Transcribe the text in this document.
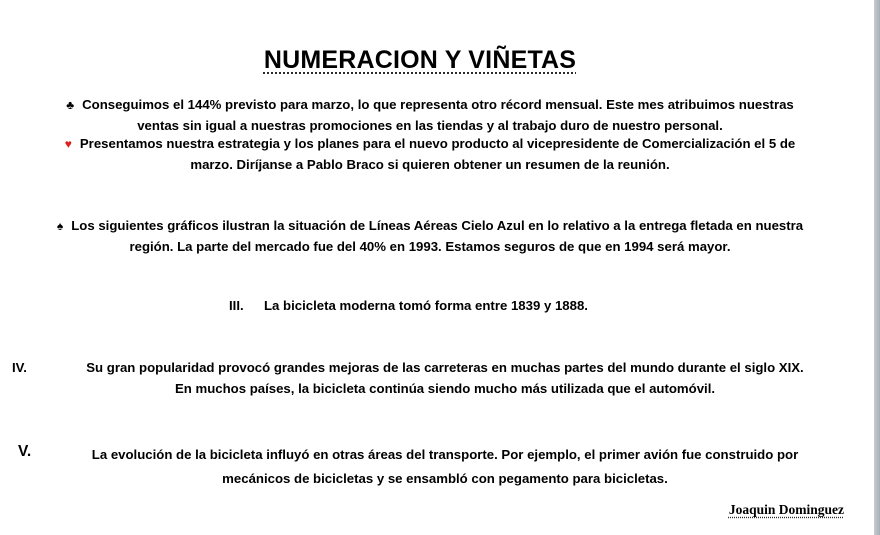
NUMERACION Y VIÑETAS
♣ Conseguimos el 144% previsto para marzo, lo que representa otro récord mensual. Este mes atribuimos nuestras
ventas sin igual a nuestras promociones en las tiendas y al trabajo duro de nuestro personal.
♥ Presentamos nuestra estrategia y los planes para el nuevo producto al vicepresidente de Comercialización el 5 de
marzo. Diríjanse a Pablo Braco si quieren obtener un resumen de la reunión.
♠ Los siguientes gráficos ilustran la situación de Líneas Aéreas Cielo Azul en lo relativo a la entrega fletada en nuestra
región. La parte del mercado fue del 40% en 1993. Estamos seguros de que en 1994 será mayor.
III. La bicicleta moderna tomó forma entre 1839 y 1888.
IV.	Su gran popularidad provocó grandes mejoras de las carreteras en muchas partes del mundo durante el siglo XIX.
En muchos países, la bicicleta continúa siendo mucho más utilizada que el automóvil.
V.	La evolución de la bicicleta influyó en otras áreas del transporte. Por ejemplo, el primer avión fue construido por
mecánicos de bicicletas y se ensambló con pegamento para bicicletas.
Joaquin Dominguez
